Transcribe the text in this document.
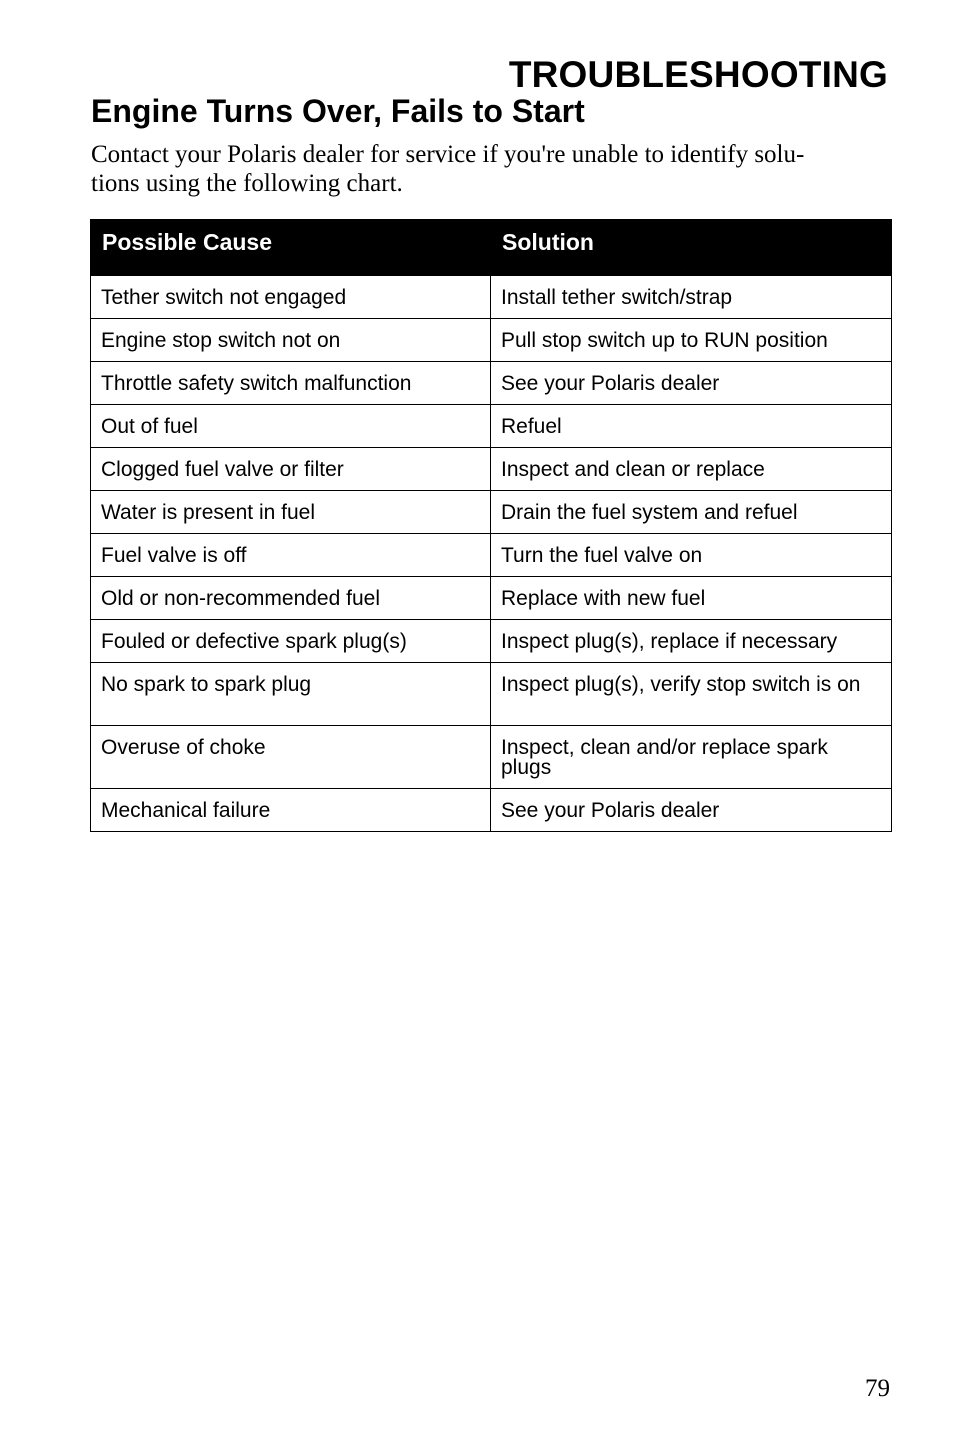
TROUBLESHOOTING
Engine Turns Over, Fails to Start

Contact your Polaris dealer for service if you're unable to identify solu-
tions using the following chart.

Possible Cause	Solution
Tether switch not engaged	Install tether switch/strap
Engine stop switch not on	Pull stop switch up to RUN position
Throttle safety switch malfunction	See your Polaris dealer
Out of fuel	Refuel
Clogged fuel valve or filter	Inspect and clean or replace
Water is present in fuel	Drain the fuel system and refuel
Fuel valve is off	Turn the fuel valve on
Old or non-recommended fuel	Replace with new fuel
Fouled or defective spark plug(s)	Inspect plug(s), replace if necessary
No spark to spark plug	Inspect plug(s), verify stop switch is on
Overuse of choke	Inspect, clean and/or replace spark plugs
Mechanical failure	See your Polaris dealer

79
